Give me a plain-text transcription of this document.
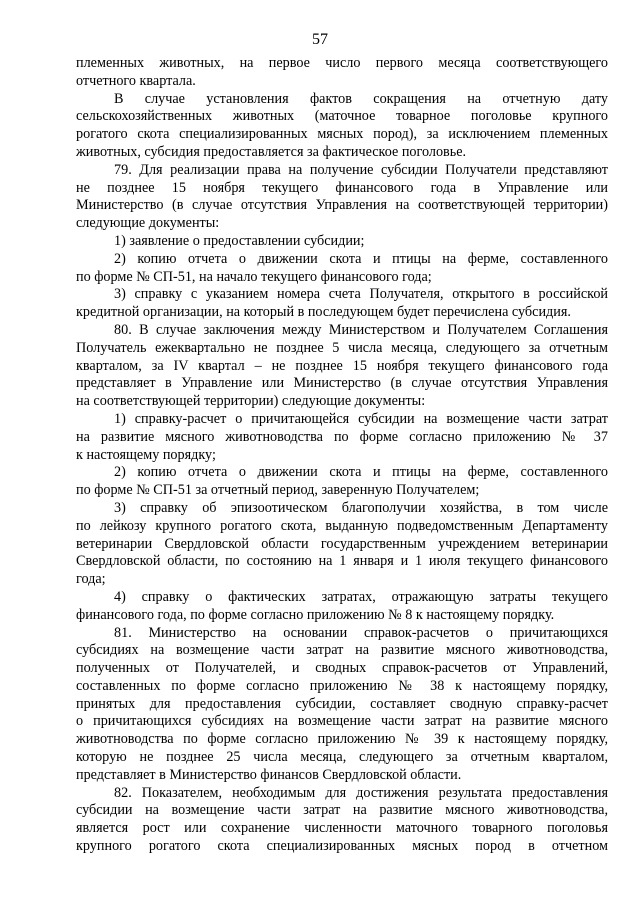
57
племенных животных, на первое число первого месяца соответствующего
отчетного квартала.
В случае установления фактов сокращения на отчетную дату
сельскохозяйственных животных (маточное товарное поголовье крупного
рогатого скота специализированных мясных пород), за исключением племенных
животных, субсидия предоставляется за фактическое поголовье.
79. Для реализации права на получение субсидии Получатели представляют
не позднее 15 ноября текущего финансового года в Управление или
Министерство (в случае отсутствия Управления на соответствующей территории)
следующие документы:
1) заявление о предоставлении субсидии;
2) копию отчета о движении скота и птицы на ферме, составленного
по форме № СП-51, на начало текущего финансового года;
3) справку с указанием номера счета Получателя, открытого в российской
кредитной организации, на который в последующем будет перечислена субсидия.
80. В случае заключения между Министерством и Получателем Соглашения
Получатель ежеквартально не позднее 5 числа месяца, следующего за отчетным
кварталом, за IV квартал – не позднее 15 ноября текущего финансового года
представляет в Управление или Министерство (в случае отсутствия Управления
на соответствующей территории) следующие документы:
1) справку-расчет о причитающейся субсидии на возмещение части затрат
на развитие мясного животноводства по форме согласно приложению № 37
к настоящему порядку;
2) копию отчета о движении скота и птицы на ферме, составленного
по форме № СП-51 за отчетный период, заверенную Получателем;
3) справку об эпизоотическом благополучии хозяйства, в том числе
по лейкозу крупного рогатого скота, выданную подведомственным Департаменту
ветеринарии Свердловской области государственным учреждением ветеринарии
Свердловской области, по состоянию на 1 января и 1 июля текущего финансового
года;
4) справку о фактических затратах, отражающую затраты текущего
финансового года, по форме согласно приложению № 8 к настоящему порядку.
81. Министерство на основании справок-расчетов о причитающихся
субсидиях на возмещение части затрат на развитие мясного животноводства,
полученных от Получателей, и сводных справок-расчетов от Управлений,
составленных по форме согласно приложению № 38 к настоящему порядку,
принятых для предоставления субсидии, составляет сводную справку-расчет
о причитающихся субсидиях на возмещение части затрат на развитие мясного
животноводства по форме согласно приложению № 39 к настоящему порядку,
которую не позднее 25 числа месяца, следующего за отчетным кварталом,
представляет в Министерство финансов Свердловской области.
82. Показателем, необходимым для достижения результата предоставления
субсидии на возмещение части затрат на развитие мясного животноводства,
является рост или сохранение численности маточного товарного поголовья
крупного рогатого скота специализированных мясных пород в отчетном
